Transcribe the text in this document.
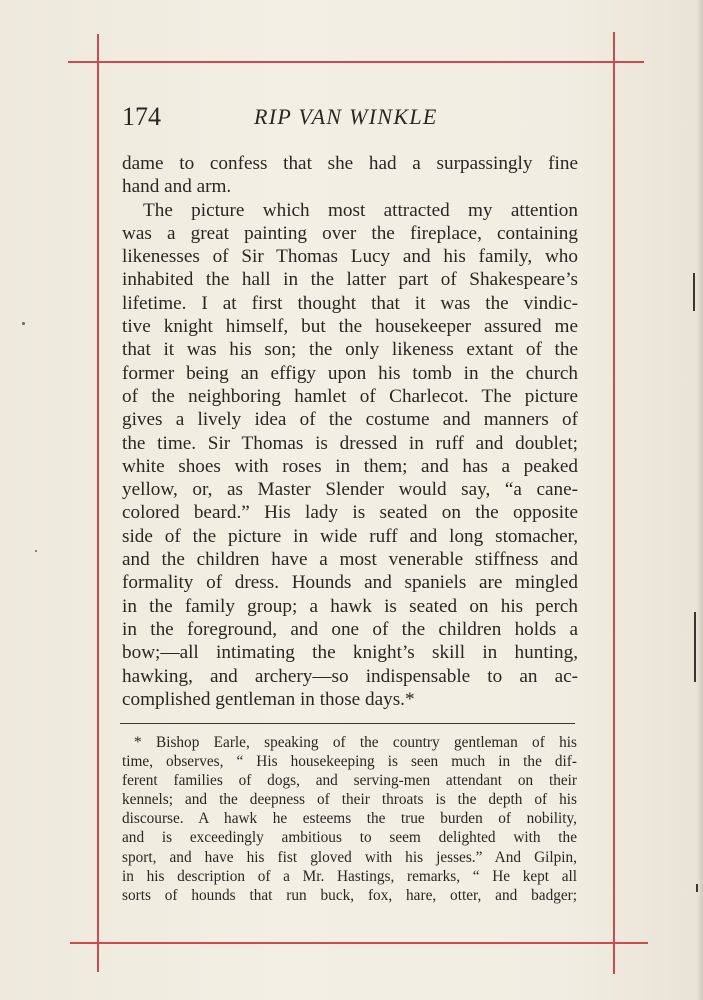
174	RIP VAN WINKLE
dame to confess that she had a surpassingly fine
hand and arm.
The picture which most attracted my attention
was a great painting over the fireplace, containing
likenesses of Sir Thomas Lucy and his family, who
inhabited the hall in the latter part of Shakespeare’s
lifetime. I at first thought that it was the vindic-
tive knight himself, but the housekeeper assured me
that it was his son; the only likeness extant of the
former being an effigy upon his tomb in the church
of the neighboring hamlet of Charlecot. The picture
gives a lively idea of the costume and manners of
the time. Sir Thomas is dressed in ruff and doublet;
white shoes with roses in them; and has a peaked
yellow, or, as Master Slender would say, “a cane-
colored beard.” His lady is seated on the opposite
side of the picture in wide ruff and long stomacher,
and the children have a most venerable stiffness and
formality of dress. Hounds and spaniels are mingled
in the family group; a hawk is seated on his perch
in the foreground, and one of the children holds a
bow;—all intimating the knight’s skill in hunting,
hawking, and archery—so indispensable to an ac-
complished gentleman in those days.*
* Bishop Earle, speaking of the country gentleman of his
time, observes, “ His housekeeping is seen much in the dif-
ferent families of dogs, and serving-men attendant on their
kennels; and the deepness of their throats is the depth of his
discourse. A hawk he esteems the true burden of nobility,
and is exceedingly ambitious to seem delighted with the
sport, and have his fist gloved with his jesses.” And Gilpin,
in his description of a Mr. Hastings, remarks, “ He kept all
sorts of hounds that run buck, fox, hare, otter, and badger;
